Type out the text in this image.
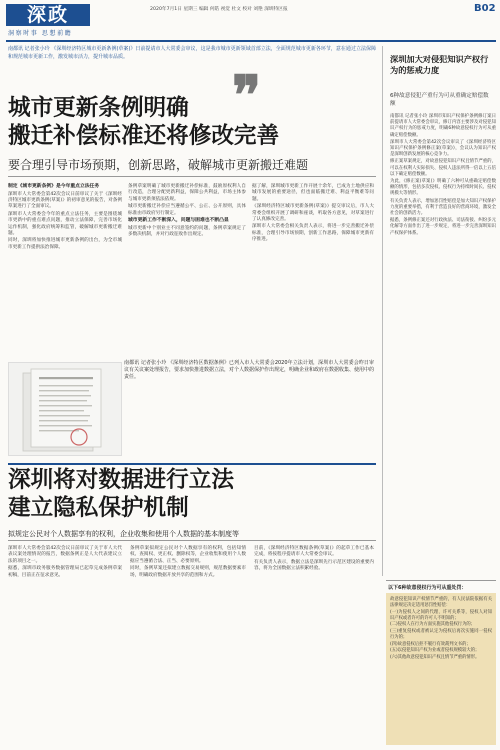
深政
洞察时事 思想前瞻
2020年7月1日 星期三 编辑 何皓 视觉 杜文 校对 刘艳 深圳特区报	B02
南都讯 记者张小玲 《深圳经济特区城市更新条例(草案)》日前提请市人大常委会审议，这是我市城市更新领域首部立法，全面规范城市更新各环节，意在通过立法保障和规范城市更新工作，激发城市活力，提升城市品质。
❞
城市更新条例明确
搬迁补偿标准还将修改完善
要合理引导市场预期，创新思路，破解城市更新搬迁难题

制定《城市更新条例》是今年重点立法任务

深圳市人大常委会第42次会议日前审议了关于《深圳经济特区城市更新条例(草案)》的初审意见的报告，对条例草案进行了全面审议。

深圳市人大常委会今年的重点立法任务，主要是围绕城市更新中的重点难点问题，推动立法保障，完善市场化运作机制，强化政府统筹和监管，破解城市更新搬迁难题。

同时，深圳将加快推进城市更新条例的出台，为全市城市更新工作提供法治保障。

条例草案明确了城市更新搬迁补偿标准，鼓励原权利人自行改造，合理分配更新利益，保障公共利益，市场主体参与城市更新须依法依规。

城市更新搬迁补偿应当遵循公平、公正、公开原则，具体标准由市政府另行制定。

城市更新工作不断深入，问题与困难也不断凸显

城市更新中个别业主不同意签约的问题，条例草案规定了多数决机制，并对行政征收作出规定。

据了解，深圳城市更新工作开展十余年，已成为土地供应和城市发展的重要途径，但也面临搬迁难、利益平衡难等问题。

《深圳经济特区城市更新条例(草案)》提交审议后，市人大常委会组织开展了调研和座谈，听取各方意见，对草案进行了认真修改完善。

深圳市人大常委会相关负责人表示，将进一步完善搬迁补偿标准，合理引导市场预期，创新工作思路，保障城市更新有序推进。

南都讯 记者张小玲 《深圳经济特区数据条例》已列入市人大常委会2020年立法计划，深圳市人大常委会昨日审议有关议案处理报告，要求加快推进数据立法，对个人数据保护作出规定，明确企业和政府在数据收集、使用中的责任。
深圳加大对侵犯知识产权行为的惩戒力度
6种故意侵犯产重行为可从重确定赔偿数额

南都讯 记者张小玲 深圳市知识产权保护条例修订案日前提请市人大常委会审议，修订内容主要涉及对侵犯知识产权行为的惩戒力度，明确6种故意侵权行为可从重确定赔偿数额。

深圳市人大常委会第42次会议审议了《深圳经济特区知识产权保护条例修正案(草案)》，会议认为知识产权是深圳创新发展的核心竞争力。

修正案草案规定，对故意侵犯知识产权且情节严重的，可以在权利人实际损失、侵权人违法所得一倍以上五倍以下确定赔偿数额。

为此，《修正案(草案)》明确了六种可从重确定赔偿数额的情形，包括多次侵权、侵权行为持续时间长、侵权规模大等情形。

有关负责人表示，增加惩罚性赔偿是加大知识产权保护力度的重要举措，有利于营造良好的营商环境，激发全社会的创新活力。

据悉，条例修正案还对行政执法、司法衔接、纠纷多元化解等方面作出了进一步规定，将进一步完善深圳知识产权保护体系。

深圳将对数据进行立法
建立隐私保护机制
拟规定公民对个人数据享有的权利，企业收集和使用个人数据的基本制度等

深圳市人大常委会第42次会议日前审议了关于市人大代表议案处理情况的报告，数据条例正是人大代表建议立法的项目之一。

据悉，深圳市政务服务数据管理局已起草完成条例草案初稿，目前正在征求意见。

条例草案拟规定公民对个人数据享有的权利，包括知情权、查阅权、更正权、删除权等，企业收集和使用个人数据应当遵循合法、正当、必要原则。

同时，条例草案还拟建立数据交易规则，规范数据要素市场，明确政府数据开放共享的范围和方式。

目前，《深圳经济特区数据条例(草案)》的起草工作已基本完成，将按程序提请市人大常委会审议。

有关负责人表示，数据立法是深圳先行示范区建设的重要内容，将为全国数据立法积累经验。

以下6种故意侵权行为可从重处罚：

故意侵犯知识产权情节严重的，有人民法院依据有关法律规定决定适用惩罚性赔偿：

(一)为侵权人之间的代理、许可关系等，侵权人对知识产权或者许可的许可人不明知的；

(二)侵权人在行为方面实施其他侵权行为的；

(三)重复侵权或者被认定为侵权后再次实施同一侵权行为的；

(四)故意侵权后拒不履行有效裁判文书的；

(五)以侵犯知识产权为业或者侵权规模较大的；

(六)其他故意侵犯知识产权且情节严重的情形。
